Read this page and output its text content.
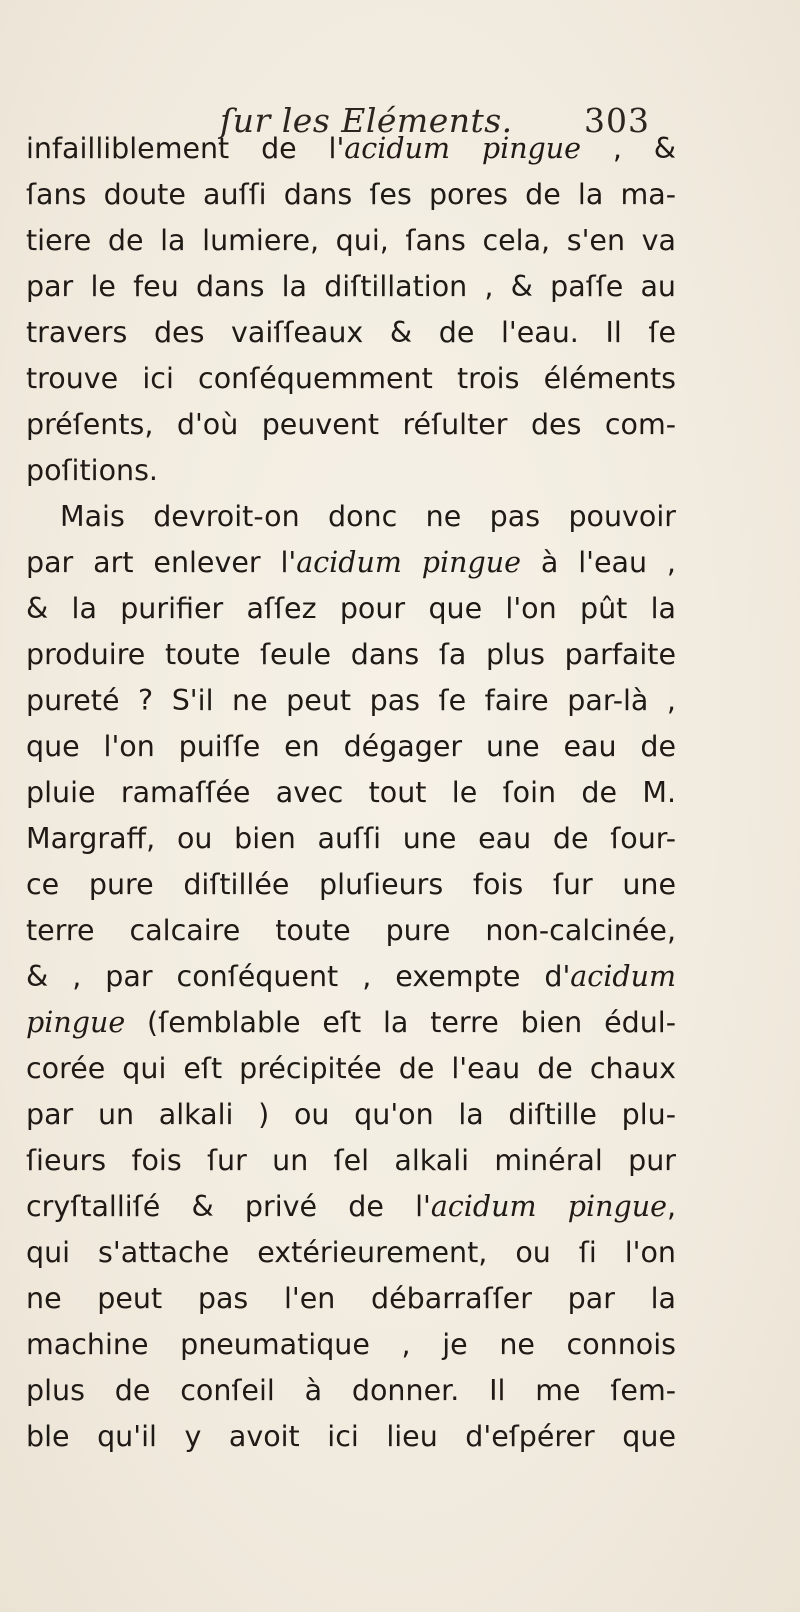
ſur les Eléments. 303
infailliblement de l'acidum pingue , &
ſans doute auſſi dans ſes pores de la ma-
tiere de la lumiere, qui, ſans cela, s'en va
par le feu dans la diſtillation , & paſſe au
travers des vaiſſeaux & de l'eau. Il ſe
trouve ici conſéquemment trois éléments
préſents, d'où peuvent réſulter des com-
poſitions.
Mais devroit-on donc ne pas pouvoir
par art enlever l'acidum pingue à l'eau ,
& la purifier aſſez pour que l'on pût la
produire toute ſeule dans ſa plus parfaite
pureté ? S'il ne peut pas ſe faire par-là ,
que l'on puiſſe en dégager une eau de
pluie ramaſſée avec tout le ſoin de M.
Margraff, ou bien auſſi une eau de ſour-
ce pure diſtillée pluſieurs fois ſur une
terre calcaire toute pure non-calcinée,
& , par conſéquent , exempte d'acidum
pingue (ſemblable eſt la terre bien édul-
corée qui eſt précipitée de l'eau de chaux
par un alkali ) ou qu'on la diſtille plu-
ſieurs fois ſur un ſel alkali minéral pur
cryſtalliſé & privé de l'acidum pingue,
qui s'attache extérieurement, ou ſi l'on
ne peut pas l'en débarraſſer par la
machine pneumatique , je ne connois
plus de conſeil à donner. Il me ſem-
ble qu'il y avoit ici lieu d'eſpérer que
